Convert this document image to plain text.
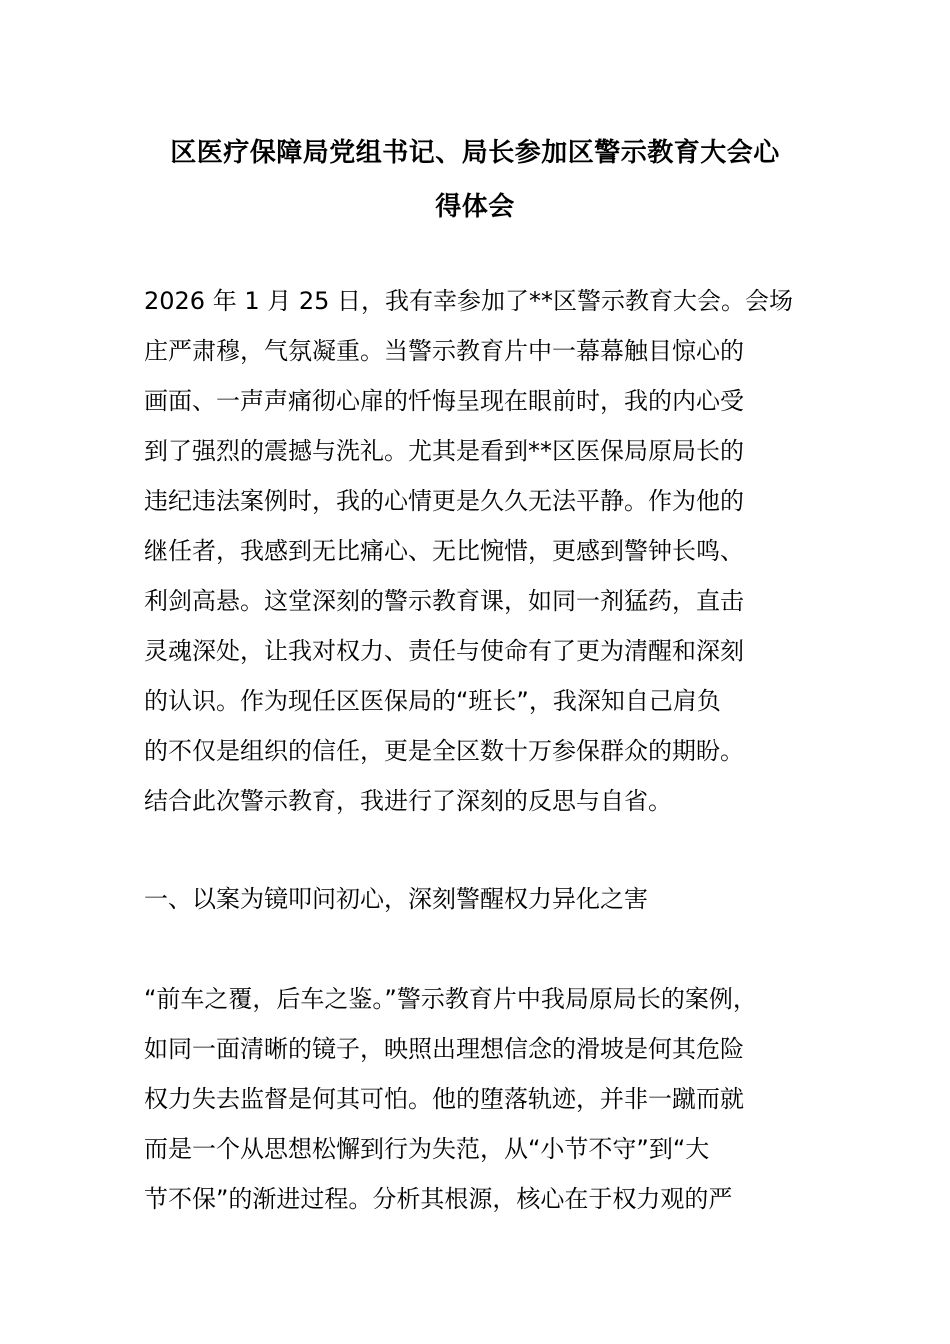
区医疗保障局党组书记、局长参加区警示教育大会心
得体会
2026 年 1 月 25 日，我有幸参加了**区警示教育大会。会场
庄严肃穆，气氛凝重。当警示教育片中一幕幕触目惊心的
画面、一声声痛彻心扉的忏悔呈现在眼前时，我的内心受
到了强烈的震撼与洗礼。尤其是看到**区医保局原局长的
违纪违法案例时，我的心情更是久久无法平静。作为他的
继任者，我感到无比痛心、无比惋惜，更感到警钟长鸣、
利剑高悬。这堂深刻的警示教育课，如同一剂猛药，直击
灵魂深处，让我对权力、责任与使命有了更为清醒和深刻
的认识。作为现任区医保局的“班长”，我深知自己肩负
的不仅是组织的信任，更是全区数十万参保群众的期盼。
结合此次警示教育，我进行了深刻的反思与自省。
一、以案为镜叩问初心，深刻警醒权力异化之害
“前车之覆，后车之鉴。”警示教育片中我局原局长的案例，
如同一面清晰的镜子，映照出理想信念的滑坡是何其危险
权力失去监督是何其可怕。他的堕落轨迹，并非一蹴而就
而是一个从思想松懈到行为失范，从“小节不守”到“大
节不保”的渐进过程。分析其根源，核心在于权力观的严
